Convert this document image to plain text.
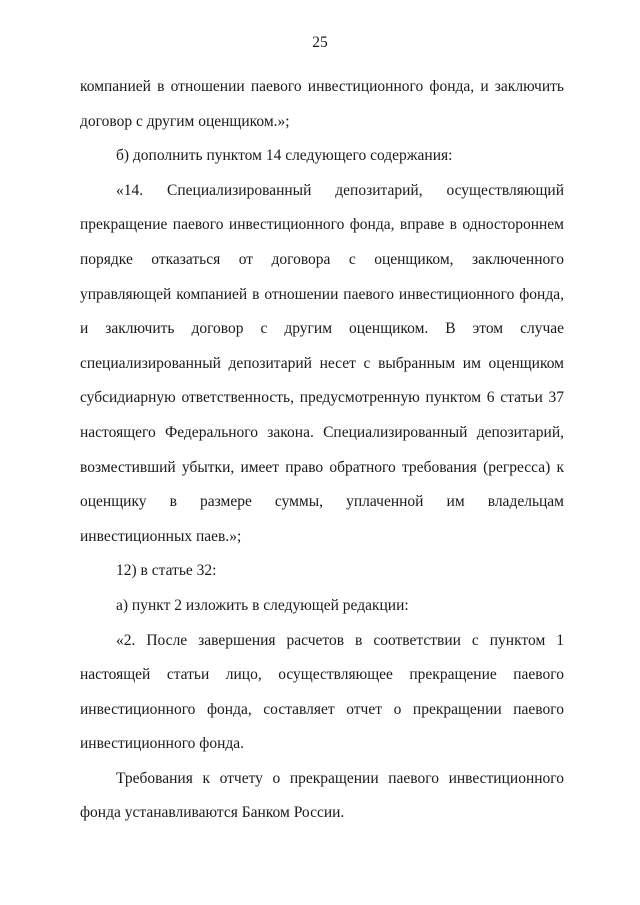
25

компанией в отношении паевого инвестиционного фонда, и заключить договор с другим оценщиком.»;

б) дополнить пунктом 14 следующего содержания:

«14. Специализированный депозитарий, осуществляющий прекращение паевого инвестиционного фонда, вправе в одностороннем порядке отказаться от договора с оценщиком, заключенного управляющей компанией в отношении паевого инвестиционного фонда, и заключить договор с другим оценщиком. В этом случае специализированный депозитарий несет с выбранным им оценщиком субсидиарную ответственность, предусмотренную пунктом 6 статьи 37 настоящего Федерального закона. Специализированный депозитарий, возместивший убытки, имеет право обратного требования (регресса) к оценщику в размере суммы, уплаченной им владельцам инвестиционных паев.»;

12) в статье 32:

а) пункт 2 изложить в следующей редакции:

«2. После завершения расчетов в соответствии с пунктом 1 настоящей статьи лицо, осуществляющее прекращение паевого инвестиционного фонда, составляет отчет о прекращении паевого инвестиционного фонда.

Требования к отчету о прекращении паевого инвестиционного фонда устанавливаются Банком России.
